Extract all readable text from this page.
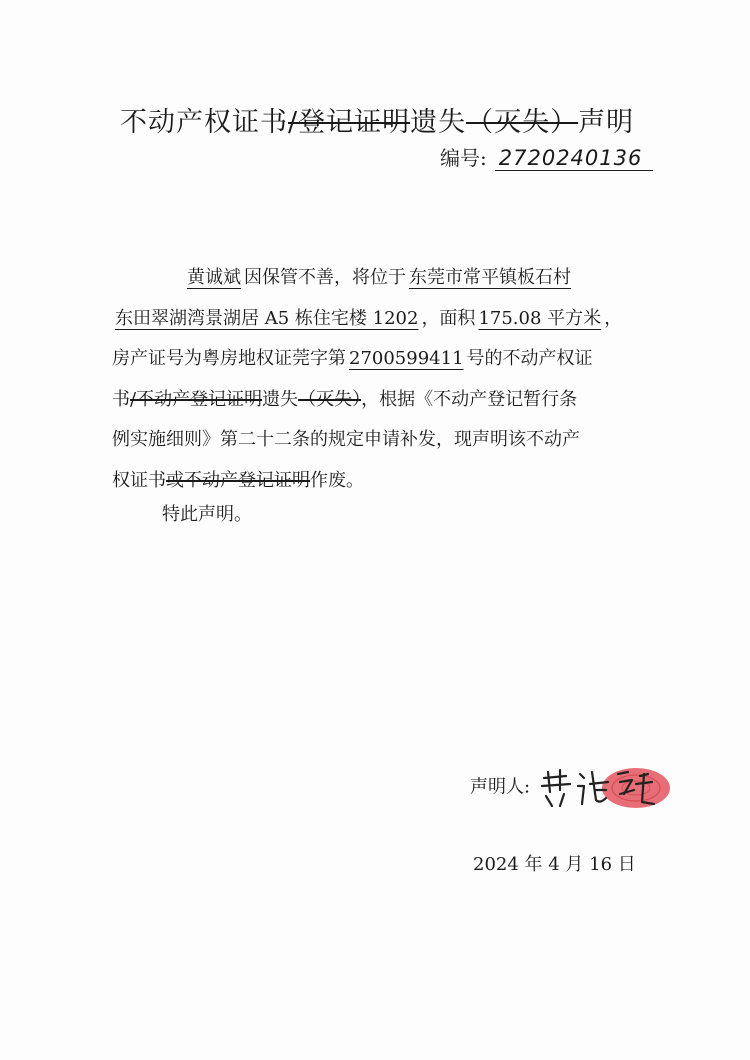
不动产权证书/登记证明遗失（灭失）声明
编号: 2720240136
黄诚斌 因保管不善，将位于 东莞市常平镇板石村
东田翠湖湾景湖居 A5 栋住宅楼 1202 ，面积 175.08 平方米 ，
房产证号为粤房地权证莞字第 2700599411 号的不动产权证
书/不动产登记证明遗失（灭失），根据《不动产登记暂行条
例实施细则》第二十二条的规定申请补发，现声明该不动产
权证书或不动产登记证明作废。
特此声明。
声明人:
2024 年 4 月 16 日
